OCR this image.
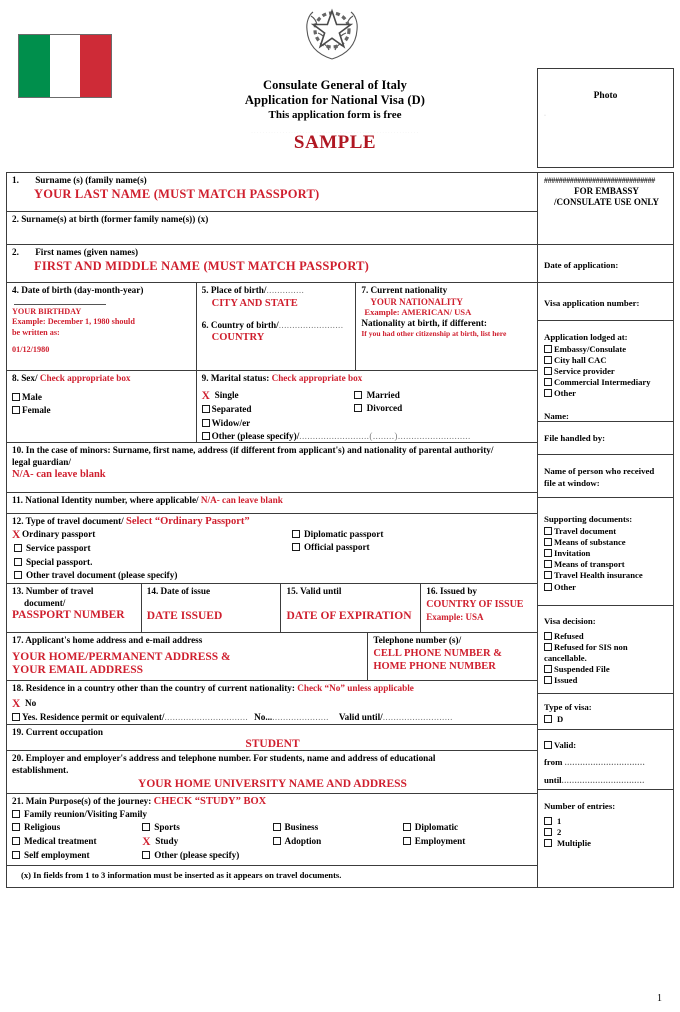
Consulate General of Italy
Application for National Visa (D)
This application form is free
...........................................................
SAMPLE
·
Photo
1. Surname (s) (family name(s)
YOUR LAST NAME (MUST MATCH PASSPORT)
2. Surname(s) at birth (former family name(s)) (x)
2. First names (given names)
FIRST AND MIDDLE NAME (MUST MATCH PASSPORT)
4. Date of birth (day-month-year)
YOUR BIRTHDAY
Example: December 1, 1980 should
be written as:
01/12/1980
5. Place of birth/..............
CITY AND STATE
6. Country of birth/........................
COUNTRY
7. Current nationality
YOUR NATIONALITY
Example: AMERICAN/ USA
Nationality at birth, if different:
If you had other citizenship at birth, list here
8. Sex/ Check appropriate box
Male
Female
9. Marital status: Check appropriate box
X Single
Separated
Widow/er
Married
Divorced
Other (please specify)/..........................(........)...........................
10. In the case of minors: Surname, first name, address (if different from applicant's) and nationality of parental authority/
legal guardian/
N/A- can leave blank
11. National Identity number, where applicable/ N/A- can leave blank
12. Type of travel document/ Select “Ordinary Passport”
X Ordinary passport
Service passport
Special passport.
Other travel document (please specify)
Diplomatic passport
Official passport
13. Number of travel
document/
PASSPORT NUMBER
14. Date of issue
DATE ISSUED
15. Valid until
DATE OF EXPIRATION
16. Issued by
COUNTRY OF ISSUE
Example: USA
17. Applicant's home address and e-mail address
YOUR HOME/PERMANENT ADDRESS &
YOUR EMAIL ADDRESS
Telephone number (s)/
CELL PHONE NUMBER &
HOME PHONE NUMBER
18. Residence in a country other than the country of current nationality: Check “No” unless applicable
X No
Yes. Residence permit or equivalent/............................... No........................ Valid until/..........................
19. Current occupation
STUDENT
20. Employer and employer's address and telephone number. For students, name and address of educational
establishment.
YOUR HOME UNIVERSITY NAME AND ADDRESS
21. Main Purpose(s) of the journey: CHECK “STUDY” BOX
Family reunion/Visiting Family
Religious	Sports	Business	Diplomatic
Medical treatment	X Study	Adoption	Employment
Self employment	Other (please specify)
(x) In fields from 1 to 3 information must be inserted as it appears on travel documents.
##############################
FOR EMBASSY
/CONSULATE USE ONLY
Date of application:
Visa application number:
Application lodged at:
Embassy/Consulate
City hall CAC
Service provider
Commercial Intermediary
Other
Name:
File handled by:
Name of person who received
file at window:
Supporting documents:
Travel document
Means of substance
Invitation
Means of transport
Travel Health insurance
Other
Visa decision:
Refused
Refused for SIS non
cancellable.
Suspended File
Issued
Type of visa:
D
Valid:
from ...............................
until................................
Number of entries:
1
2
Multiplie
1
